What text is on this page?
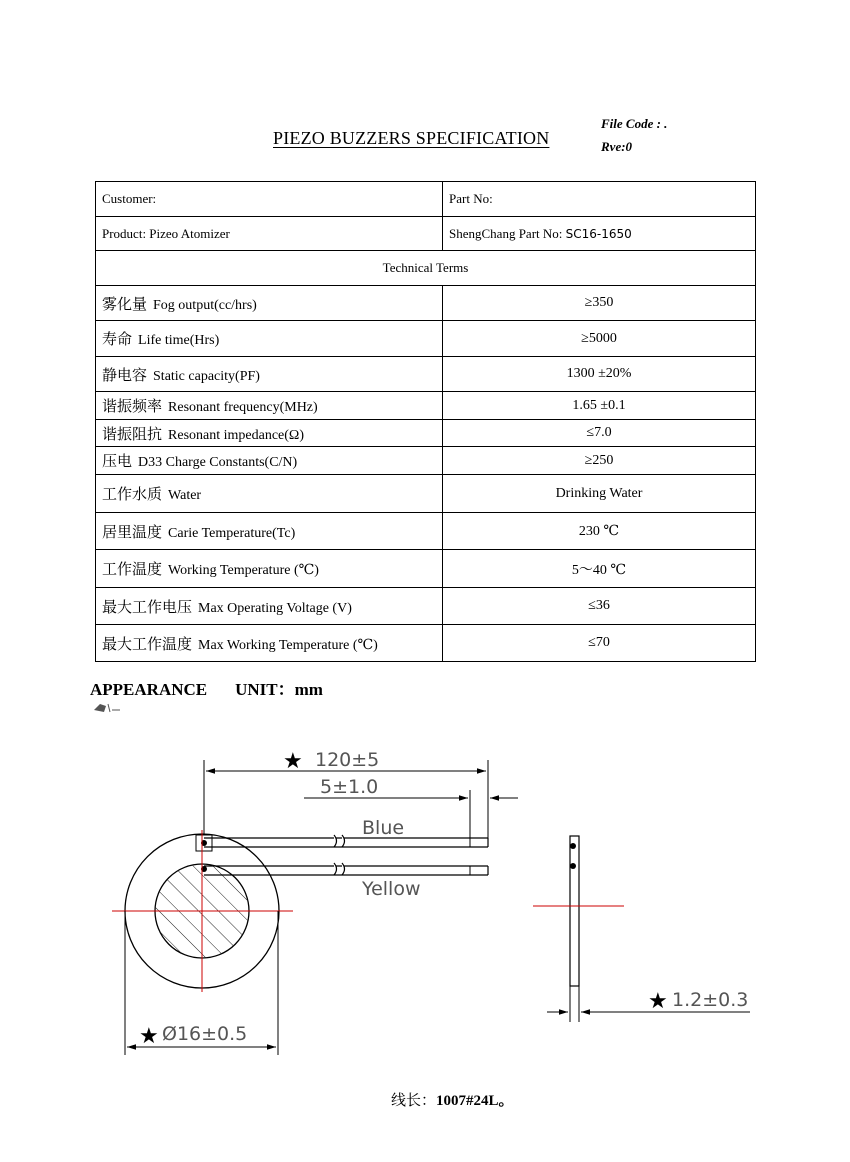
PIEZO BUZZERS SPECIFICATION
File Code : .
Rve:0
Customer:	Part No:
Product: Pizeo Atomizer	ShengChang Part No: SC16-1650
Technical Terms	
雾化量 Fog output(cc/hrs)	≥350
寿命 Life time(Hrs)	≥5000
静电容 Static capacity(PF)	1300 ±20%
谐振频率 Resonant frequency(MHz)	1.65 ±0.1
谐振阻抗 Resonant impedance(Ω)	≤7.0
压电 D33 Charge Constants(C/N)	≥250
工作水质 Water	Drinking Water
居里温度 Carie Temperature(Tc)	230 ℃
工作温度 Working Temperature (℃)	5～40 ℃
最大工作电压 Max Operating Voltage (V)	≤36
最大工作温度 Max Working Temperature (℃)	≤70
APPEARANCE UNIT：mm
Blue
Yellow
★ 120±5
5±1.0
★ Ø16±0.5
★ 1.2±0.3
线长：1007#24L。
